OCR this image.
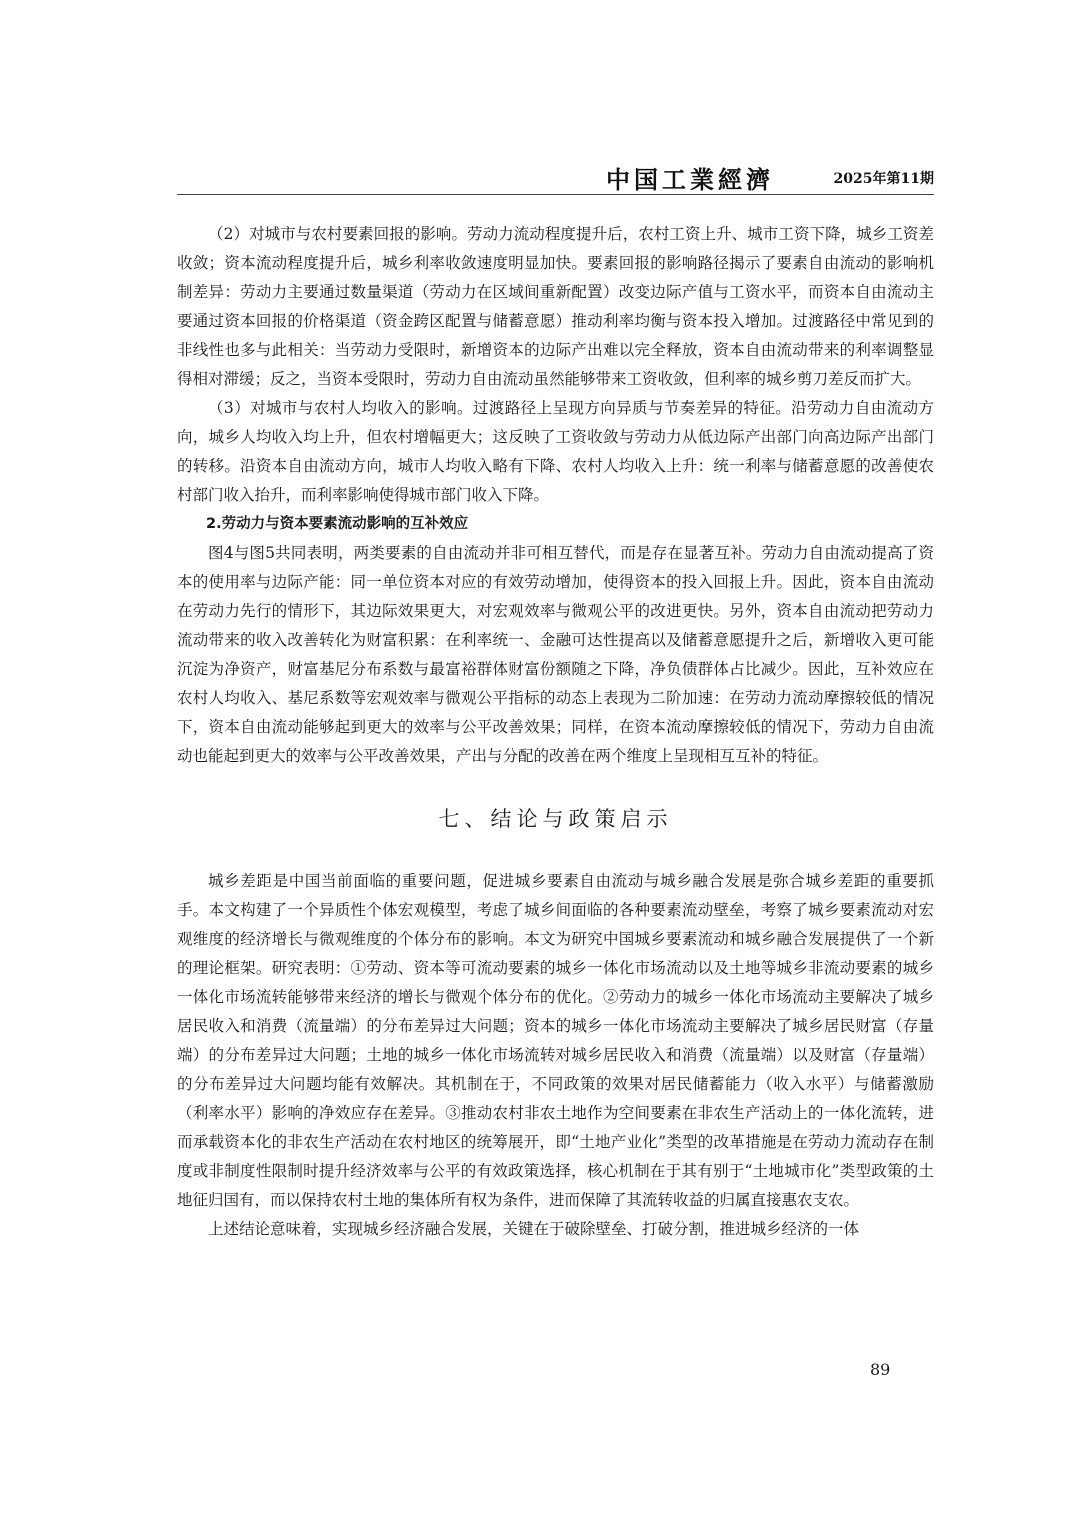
中国工業經濟	2025年第11期

（2）对城市与农村要素回报的影响。劳动力流动程度提升后，农村工资上升、城市工资下降，城乡工资差收敛；资本流动程度提升后，城乡利率收敛速度明显加快。要素回报的影响路径揭示了要素自由流动的影响机制差异：劳动力主要通过数量渠道（劳动力在区域间重新配置）改变边际产值与工资水平，而资本自由流动主要通过资本回报的价格渠道（资金跨区配置与储蓄意愿）推动利率均衡与资本投入增加。过渡路径中常见到的非线性也多与此相关：当劳动力受限时，新增资本的边际产出难以完全释放，资本自由流动带来的利率调整显得相对滞缓；反之，当资本受限时，劳动力自由流动虽然能够带来工资收敛，但利率的城乡剪刀差反而扩大。

（3）对城市与农村人均收入的影响。过渡路径上呈现方向异质与节奏差异的特征。沿劳动力自由流动方向，城乡人均收入均上升，但农村增幅更大；这反映了工资收敛与劳动力从低边际产出部门向高边际产出部门的转移。沿资本自由流动方向，城市人均收入略有下降、农村人均收入上升：统一利率与储蓄意愿的改善使农村部门收入抬升，而利率影响使得城市部门收入下降。

2.劳动力与资本要素流动影响的互补效应

图4与图5共同表明，两类要素的自由流动并非可相互替代，而是存在显著互补。劳动力自由流动提高了资本的使用率与边际产能：同一单位资本对应的有效劳动增加，使得资本的投入回报上升。因此，资本自由流动在劳动力先行的情形下，其边际效果更大，对宏观效率与微观公平的改进更快。另外，资本自由流动把劳动力流动带来的收入改善转化为财富积累：在利率统一、金融可达性提高以及储蓄意愿提升之后，新增收入更可能沉淀为净资产，财富基尼分布系数与最富裕群体财富份额随之下降，净负债群体占比减少。因此，互补效应在农村人均收入、基尼系数等宏观效率与微观公平指标的动态上表现为二阶加速：在劳动力流动摩擦较低的情况下，资本自由流动能够起到更大的效率与公平改善效果；同样，在资本流动摩擦较低的情况下，劳动力自由流动也能起到更大的效率与公平改善效果，产出与分配的改善在两个维度上呈现相互互补的特征。

七、结论与政策启示

城乡差距是中国当前面临的重要问题，促进城乡要素自由流动与城乡融合发展是弥合城乡差距的重要抓手。本文构建了一个异质性个体宏观模型，考虑了城乡间面临的各种要素流动壁垒，考察了城乡要素流动对宏观维度的经济增长与微观维度的个体分布的影响。本文为研究中国城乡要素流动和城乡融合发展提供了一个新的理论框架。研究表明：①劳动、资本等可流动要素的城乡一体化市场流动以及土地等城乡非流动要素的城乡一体化市场流转能够带来经济的增长与微观个体分布的优化。②劳动力的城乡一体化市场流动主要解决了城乡居民收入和消费（流量端）的分布差异过大问题；资本的城乡一体化市场流动主要解决了城乡居民财富（存量端）的分布差异过大问题；土地的城乡一体化市场流转对城乡居民收入和消费（流量端）以及财富（存量端）的分布差异过大问题均能有效解决。其机制在于，不同政策的效果对居民储蓄能力（收入水平）与储蓄激励（利率水平）影响的净效应存在差异。③推动农村非农土地作为空间要素在非农生产活动上的一体化流转，进而承载资本化的非农生产活动在农村地区的统筹展开，即“土地产业化”类型的改革措施是在劳动力流动存在制度或非制度性限制时提升经济效率与公平的有效政策选择，核心机制在于其有别于“土地城市化”类型政策的土地征归国有，而以保持农村土地的集体所有权为条件，进而保障了其流转收益的归属直接惠农支农。

上述结论意味着，实现城乡经济融合发展，关键在于破除壁垒、打破分割，推进城乡经济的一体

89
